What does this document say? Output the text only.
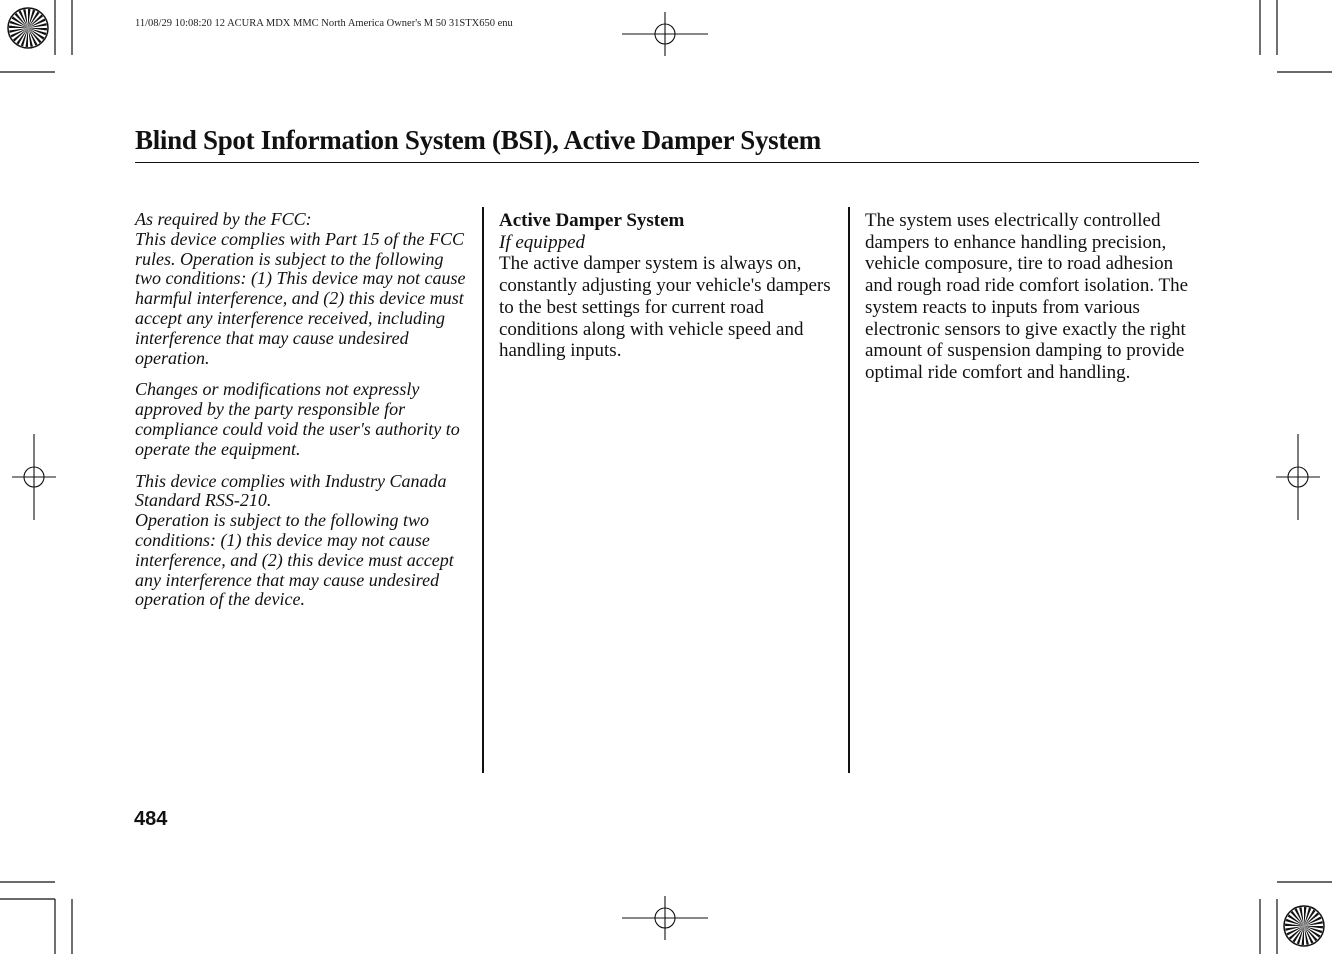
11/08/29 10:08:20 12 ACURA MDX MMC North America Owner's M 50 31STX650 enu
Blind Spot Information System (BSI), Active Damper System

As required by the FCC:

This device complies with Part 15 of the FCC rules. Operation is subject to the following two conditions: (1) This device may not cause harmful interference, and (2) this device must accept any interference received, including interference that may cause undesired operation.

Changes or modifications not expressly approved by the party responsible for compliance could void the user's authority to operate the equipment.

This device complies with Industry Canada Standard RSS-210.

Operation is subject to the following two conditions: (1) this device may not cause interference, and (2) this device must accept any interference that may cause undesired operation of the device.

Active Damper System

If equipped

The active damper system is always on, constantly adjusting your vehicle's dampers to the best settings for current road conditions along with vehicle speed and handling inputs.

The system uses electrically controlled dampers to enhance handling precision, vehicle composure, tire to road adhesion and rough road ride comfort isolation. The system reacts to inputs from various electronic sensors to give exactly the right amount of suspension damping to provide optimal ride comfort and handling.

484
